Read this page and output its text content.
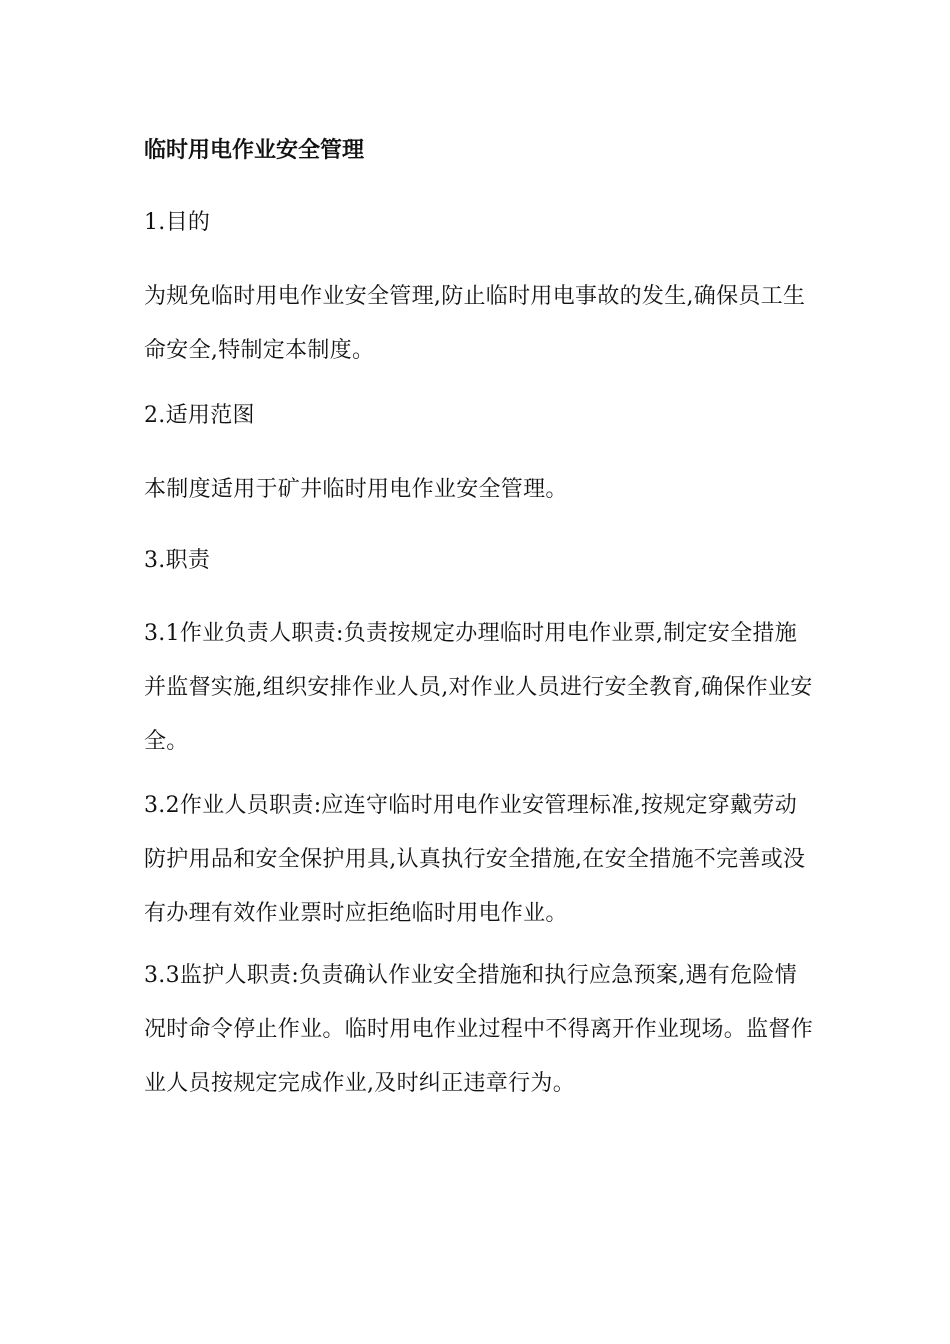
临时用电作业安全管理

1.目的

为规免临时用电作业安全管理,防止临时用电事故的发生,确保员工生命安全,特制定本制度。

2.适用范图

本制度适用于矿井临时用电作业安全管理。

3.职责

3.1作业负责人职责:负责按规定办理临时用电作业票,制定安全措施并监督实施,组织安排作业人员,对作业人员进行安全教育,确保作业安全。

3.2作业人员职责:应连守临时用电作业安管理标准,按规定穿戴劳动防护用品和安全保护用具,认真执行安全措施,在安全措施不完善或没有办理有效作业票时应拒绝临时用电作业。

3.3监护人职责:负责确认作业安全措施和执行应急预案,遇有危险情况时命令停止作业。临时用电作业过程中不得离开作业现场。监督作业人员按规定完成作业,及时纠正违章行为。
